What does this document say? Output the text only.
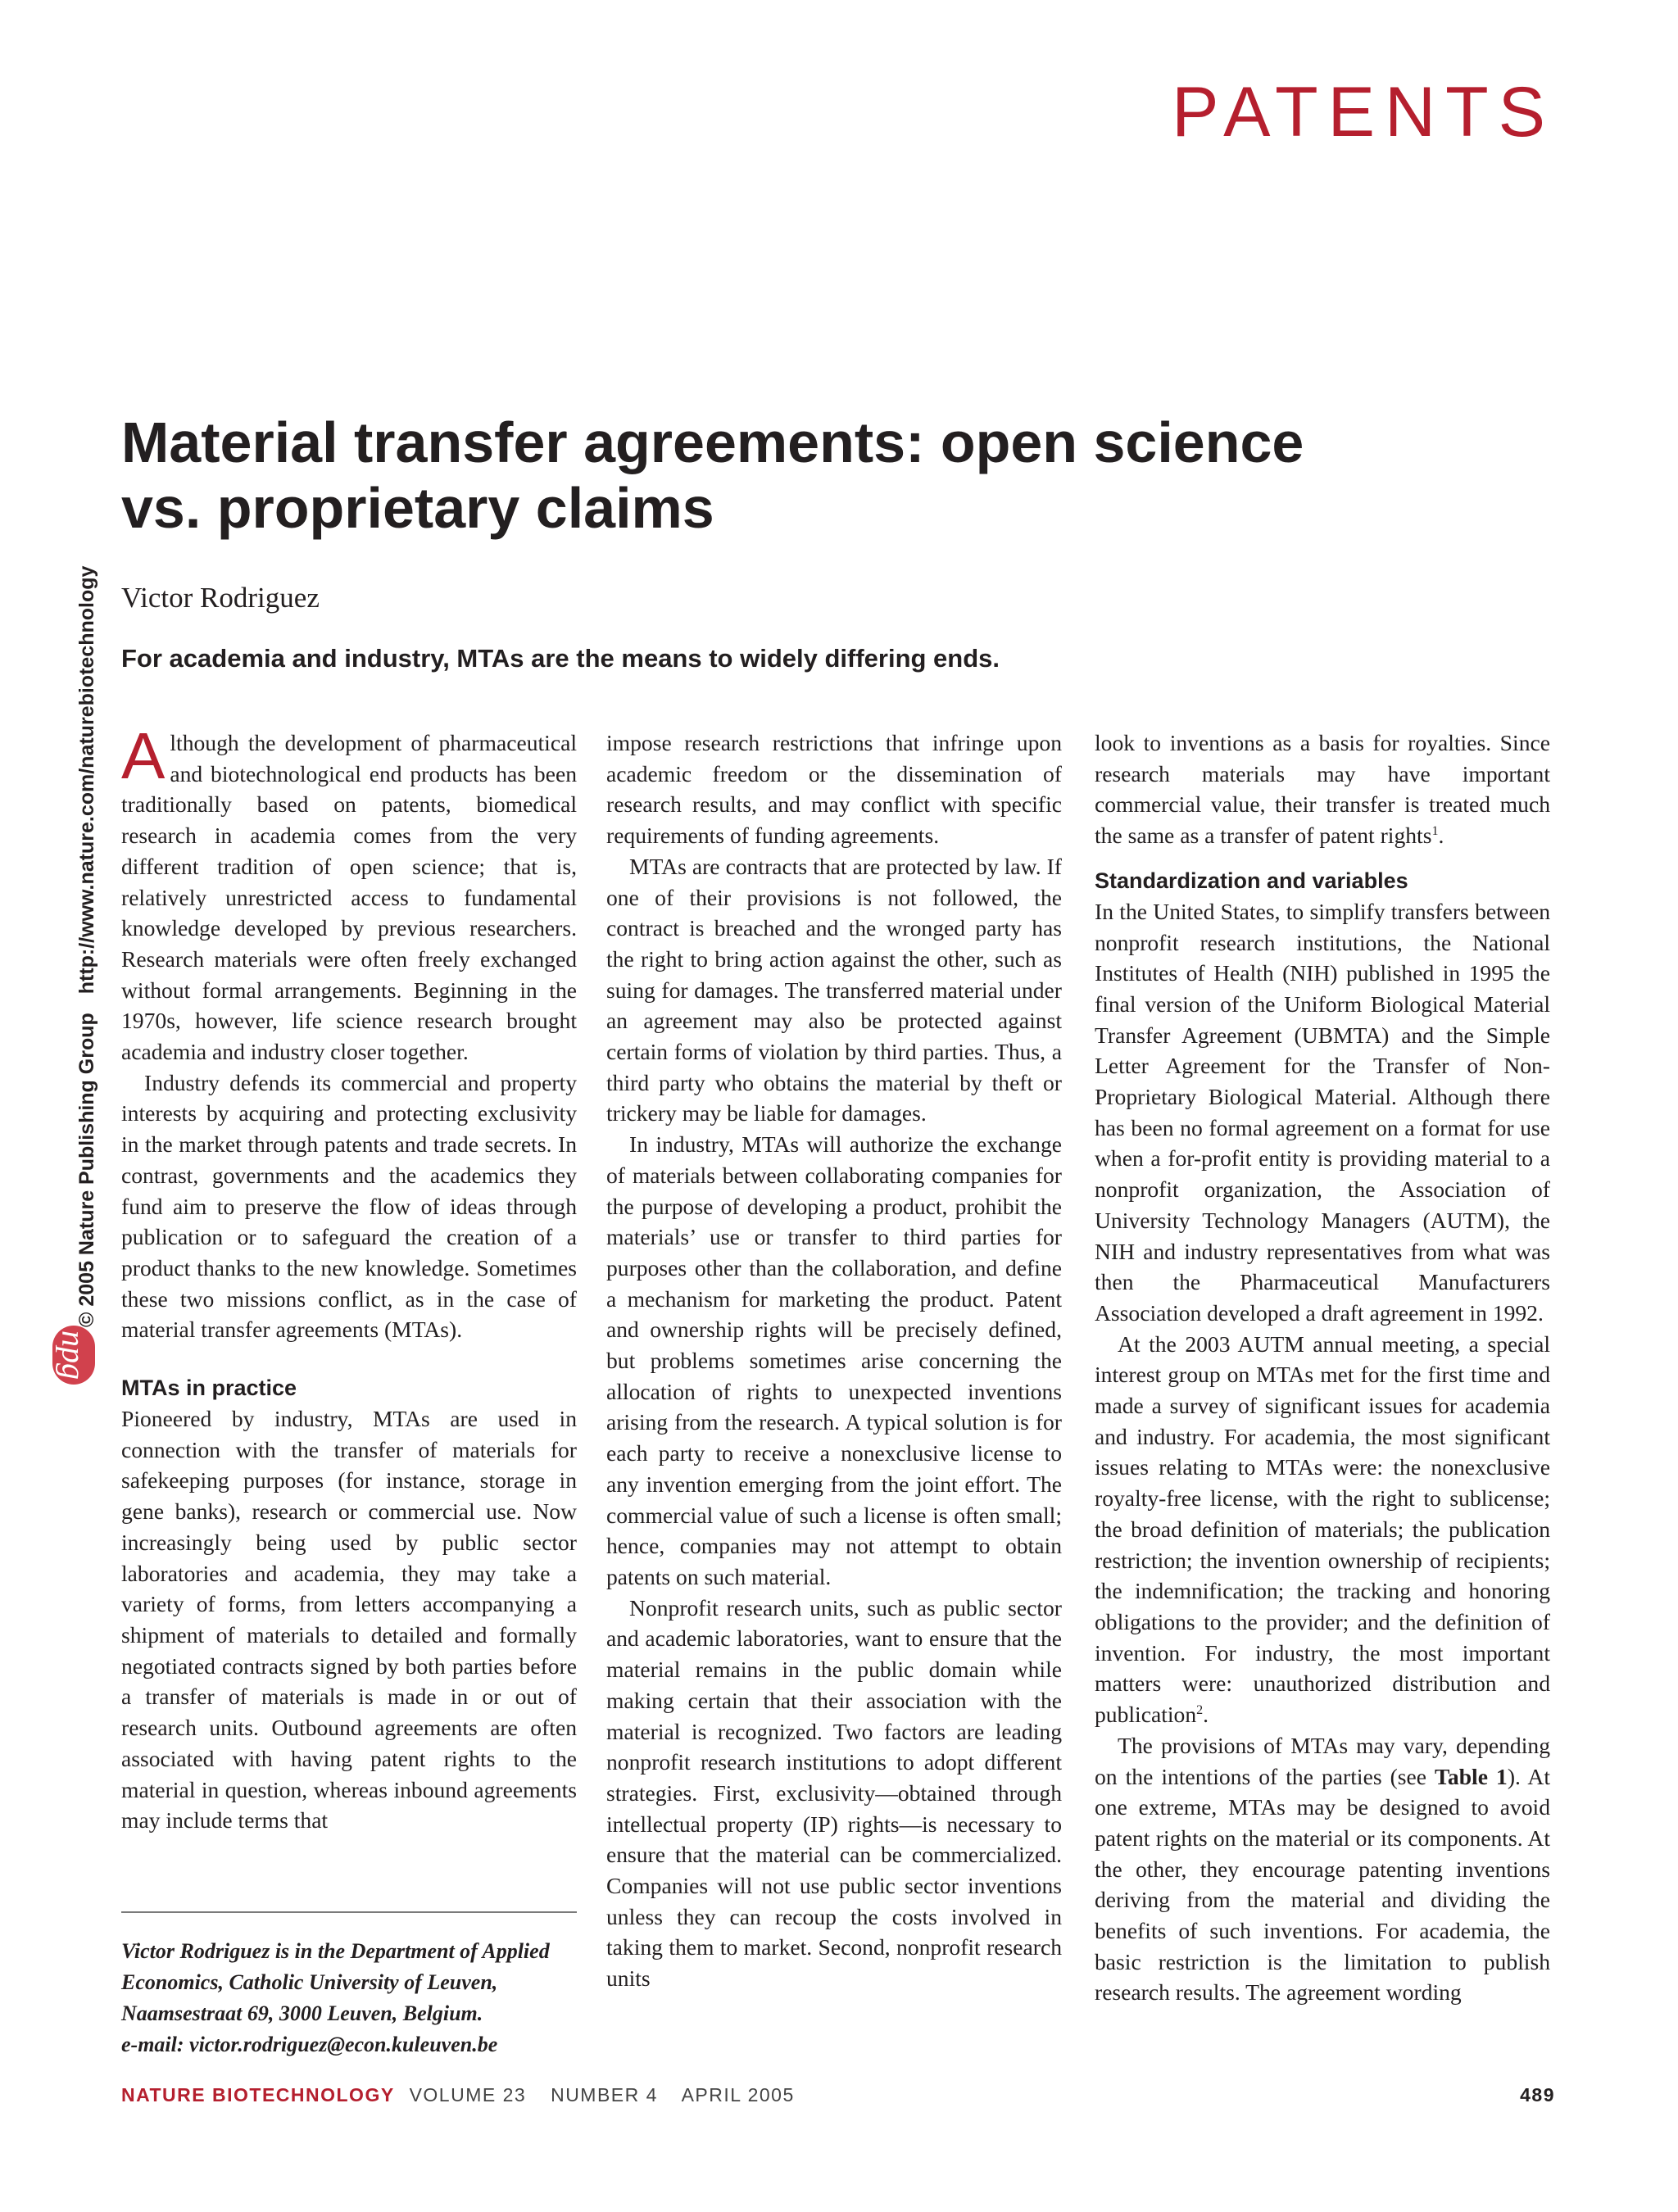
PATENTS
© 2005 Nature Publishing Group http://www.nature.com/naturebiotechnology
npg
Material transfer agreements: open science vs. proprietary claims
Victor Rodriguez
For academia and industry, MTAs are the means to widely differing ends.

Although the development of pharmaceutical and biotechnological end products has been traditionally based on patents, biomedical research in academia comes from the very different tradition of open science; that is, relatively unrestricted access to fundamental knowledge developed by previous researchers. Research materials were often freely exchanged without formal arrangements. Beginning in the 1970s, however, life science research brought academia and industry closer together.

Industry defends its commercial and property interests by acquiring and protecting exclusivity in the market through patents and trade secrets. In contrast, governments and the academics they fund aim to preserve the flow of ideas through publication or to safeguard the creation of a product thanks to the new knowledge. Sometimes these two missions conflict, as in the case of material transfer agreements (MTAs).

MTAs in practice

Pioneered by industry, MTAs are used in connection with the transfer of materials for safekeeping purposes (for instance, storage in gene banks), research or commercial use. Now increasingly being used by public sector laboratories and academia, they may take a variety of forms, from letters accompanying a shipment of materials to detailed and formally negotiated contracts signed by both parties before a transfer of materials is made in or out of research units. Outbound agreements are often associated with having patent rights to the material in question, whereas inbound agreements may include terms that

impose research restrictions that infringe upon academic freedom or the dissemination of research results, and may conflict with specific requirements of funding agreements.

MTAs are contracts that are protected by law. If one of their provisions is not followed, the contract is breached and the wronged party has the right to bring action against the other, such as suing for damages. The transferred material under an agreement may also be protected against certain forms of violation by third parties. Thus, a third party who obtains the material by theft or trickery may be liable for damages.

In industry, MTAs will authorize the exchange of materials between collaborating companies for the purpose of developing a product, prohibit the materials’ use or transfer to third parties for purposes other than the collaboration, and define a mechanism for marketing the product. Patent and ownership rights will be precisely defined, but problems sometimes arise concerning the allocation of rights to unexpected inventions arising from the research. A typical solution is for each party to receive a nonexclusive license to any invention emerging from the joint effort. The commercial value of such a license is often small; hence, companies may not attempt to obtain patents on such material.

Nonprofit research units, such as public sector and academic laboratories, want to ensure that the material remains in the public domain while making certain that their association with the material is recognized. Two factors are leading nonprofit research institutions to adopt different strategies. First, exclusivity—obtained through intellectual property (IP) rights—is necessary to ensure that the material can be commercialized. Companies will not use public sector inventions unless they can recoup the costs involved in taking them to market. Second, nonprofit research units

look to inventions as a basis for royalties. Since research materials may have important commercial value, their transfer is treated much the same as a transfer of patent rights$^1$.

Standardization and variables

In the United States, to simplify transfers between nonprofit research institutions, the National Institutes of Health (NIH) published in 1995 the final version of the Uniform Biological Material Transfer Agreement (UBMTA) and the Simple Letter Agreement for the Transfer of Non-Proprietary Biological Material. Although there has been no formal agreement on a format for use when a for-profit entity is providing material to a nonprofit organization, the Association of University Technology Managers (AUTM), the NIH and industry representatives from what was then the Pharmaceutical Manufacturers Association developed a draft agreement in 1992.

At the 2003 AUTM annual meeting, a special interest group on MTAs met for the first time and made a survey of significant issues for academia and industry. For academia, the most significant issues relating to MTAs were: the nonexclusive royalty-free license, with the right to sublicense; the broad definition of materials; the publication restriction; the invention ownership of recipients; the indemnification; the tracking and honoring obligations to the provider; and the definition of invention. For industry, the most important matters were: unauthorized distribution and publication$^2$.

The provisions of MTAs may vary, depending on the intentions of the parties (see Table 1). At one extreme, MTAs may be designed to avoid patent rights on the material or its components. At the other, they encourage patenting inventions deriving from the material and dividing the benefits of such inventions. For academia, the basic restriction is the limitation to publish research results. The agreement wording

Victor Rodriguez is in the Department of Applied
Economics, Catholic University of Leuven,
Naamsestraat 69, 3000 Leuven, Belgium.
e-mail: victor.rodriguez@econ.kuleuven.be
NATURE BIOTECHNOLOGY VOLUME 23 NUMBER 4 APRIL 2005	489
